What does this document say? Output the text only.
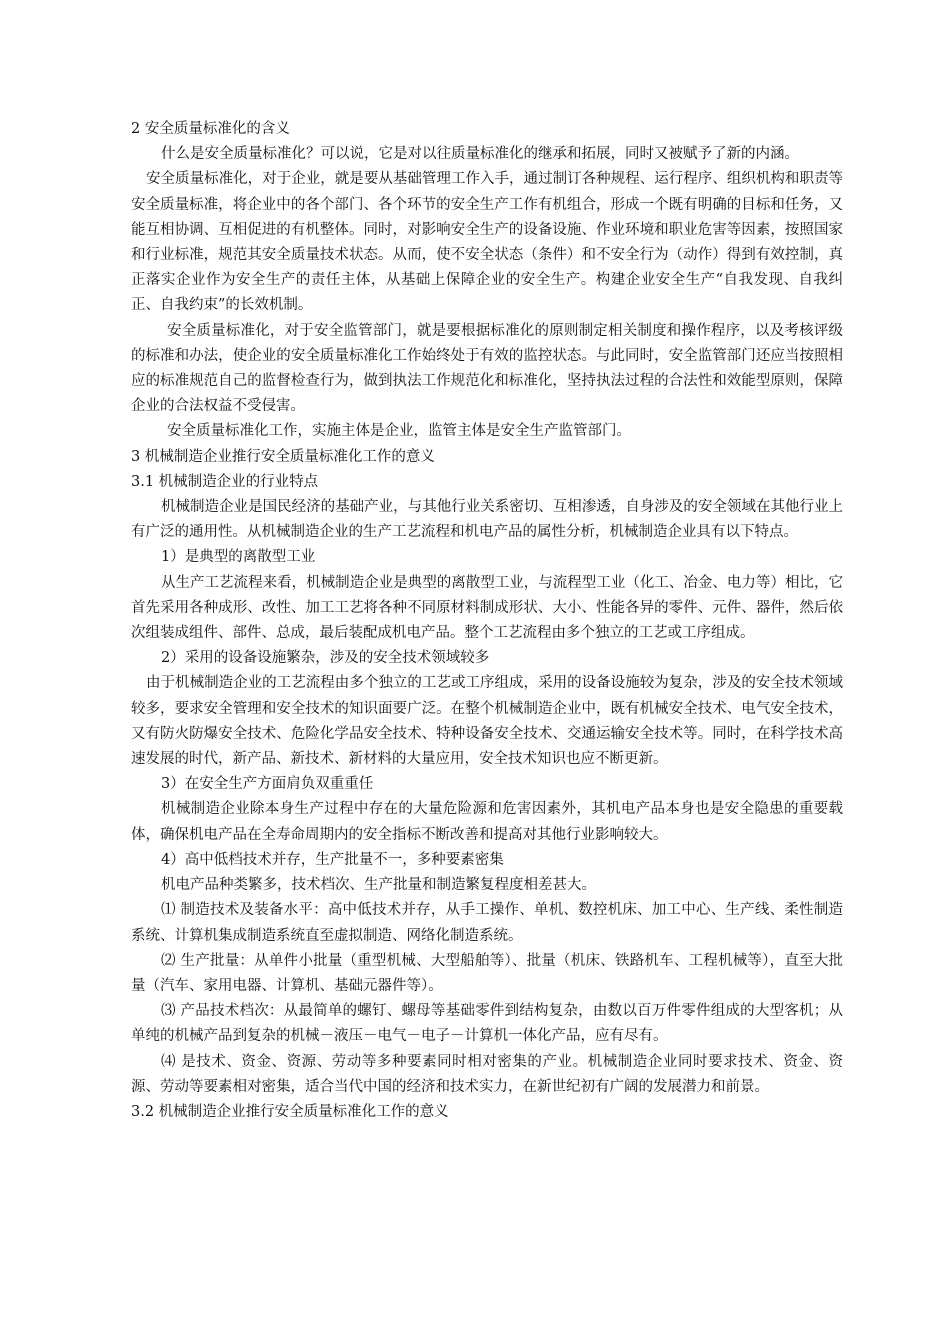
2 安全质量标准化的含义

什么是安全质量标准化？可以说，它是对以往质量标准化的继承和拓展，同时又被赋予了新的内涵。

安全质量标准化，对于企业，就是要从基础管理工作入手，通过制订各种规程、运行程序、组织机构和职责等安全质量标准，将企业中的各个部门、各个环节的安全生产工作有机组合，形成一个既有明确的目标和任务，又能互相协调、互相促进的有机整体。同时，对影响安全生产的设备设施、作业环境和职业危害等因素，按照国家和行业标准，规范其安全质量技术状态。从而，使不安全状态（条件）和不安全行为（动作）得到有效控制，真正落实企业作为安全生产的责任主体，从基础上保障企业的安全生产。构建企业安全生产“自我发现、自我纠正、自我约束”的长效机制。

安全质量标准化，对于安全监管部门，就是要根据标准化的原则制定相关制度和操作程序，以及考核评级的标准和办法，使企业的安全质量标准化工作始终处于有效的监控状态。与此同时，安全监管部门还应当按照相应的标准规范自己的监督检查行为，做到执法工作规范化和标准化，坚持执法过程的合法性和效能型原则，保障企业的合法权益不受侵害。

安全质量标准化工作，实施主体是企业，监管主体是安全生产监管部门。

3 机械制造企业推行安全质量标准化工作的意义

3.1 机械制造企业的行业特点

机械制造企业是国民经济的基础产业，与其他行业关系密切、互相渗透，自身涉及的安全领域在其他行业上有广泛的通用性。从机械制造企业的生产工艺流程和机电产品的属性分析，机械制造企业具有以下特点。

1）是典型的离散型工业

从生产工艺流程来看，机械制造企业是典型的离散型工业，与流程型工业（化工、冶金、电力等）相比，它首先采用各种成形、改性、加工工艺将各种不同原材料制成形状、大小、性能各异的零件、元件、器件，然后依次组装成组件、部件、总成，最后装配成机电产品。整个工艺流程由多个独立的工艺或工序组成。

2）采用的设备设施繁杂，涉及的安全技术领域较多

由于机械制造企业的工艺流程由多个独立的工艺或工序组成，采用的设备设施较为复杂，涉及的安全技术领域较多，要求安全管理和安全技术的知识面要广泛。在整个机械制造企业中，既有机械安全技术、电气安全技术，又有防火防爆安全技术、危险化学品安全技术、特种设备安全技术、交通运输安全技术等。同时，在科学技术高速发展的时代，新产品、新技术、新材料的大量应用，安全技术知识也应不断更新。

3）在安全生产方面肩负双重重任

机械制造企业除本身生产过程中存在的大量危险源和危害因素外，其机电产品本身也是安全隐患的重要载体，确保机电产品在全寿命周期内的安全指标不断改善和提高对其他行业影响较大。

4）高中低档技术并存，生产批量不一，多种要素密集

机电产品种类繁多，技术档次、生产批量和制造繁复程度相差甚大。

⑴ 制造技术及装备水平：高中低技术并存，从手工操作、单机、数控机床、加工中心、生产线、柔性制造系统、计算机集成制造系统直至虚拟制造、网络化制造系统。

⑵ 生产批量：从单件小批量（重型机械、大型船舶等）、批量（机床、铁路机车、工程机械等），直至大批量（汽车、家用电器、计算机、基础元器件等）。

⑶ 产品技术档次：从最简单的螺钉、螺母等基础零件到结构复杂，由数以百万件零件组成的大型客机；从单纯的机械产品到复杂的机械－液压－电气－电子－计算机一体化产品，应有尽有。

⑷ 是技术、资金、资源、劳动等多种要素同时相对密集的产业。机械制造企业同时要求技术、资金、资源、劳动等要素相对密集，适合当代中国的经济和技术实力，在新世纪初有广阔的发展潜力和前景。

3.2 机械制造企业推行安全质量标准化工作的意义
